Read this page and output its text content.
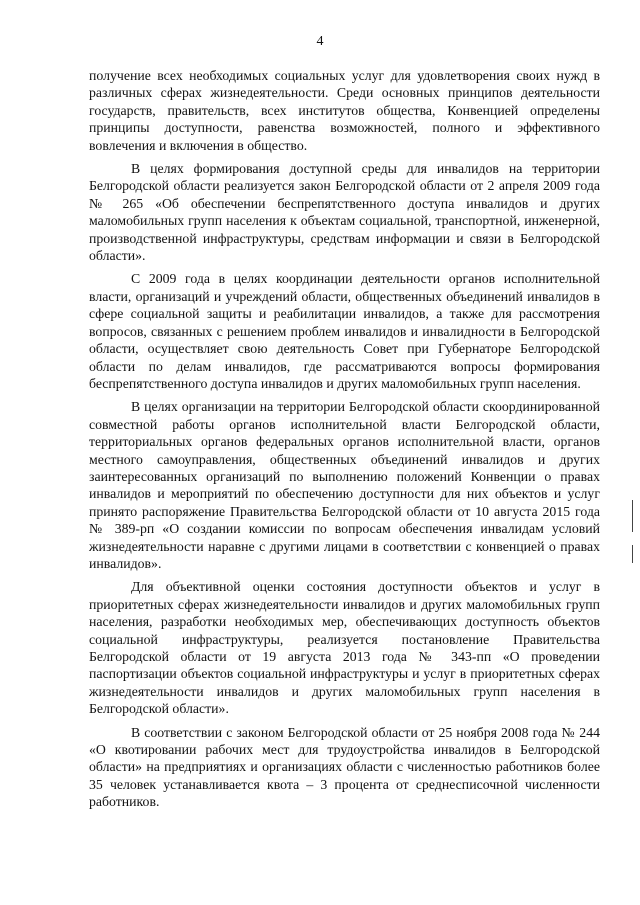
4

получение всех необходимых социальных услуг для удовлетворения своих нужд в различных сферах жизнедеятельности. Среди основных принципов деятельности государств, правительств, всех институтов общества, Конвенцией определены принципы доступности, равенства возможностей, полного и эффективного вовлечения и включения в общество.

В целях формирования доступной среды для инвалидов на территории Белгородской области реализуется закон Белгородской области от 2 апреля 2009 года № 265 «Об обеспечении беспрепятственного доступа инвалидов и других маломобильных групп населения к объектам социальной, транспортной, инженерной, производственной инфраструктуры, средствам информации и связи в Белгородской области».

С 2009 года в целях координации деятельности органов исполнительной власти, организаций и учреждений области, общественных объединений инвалидов в сфере социальной защиты и реабилитации инвалидов, а также для рассмотрения вопросов, связанных с решением проблем инвалидов и инвалидности в Белгородской области, осуществляет свою деятельность Совет при Губернаторе Белгородской области по делам инвалидов, где рассматриваются вопросы формирования беспрепятственного доступа инвалидов и других маломобильных групп населения.

В целях организации на территории Белгородской области скоординированной совместной работы органов исполнительной власти Белгородской области, территориальных органов федеральных органов исполнительной власти, органов местного самоуправления, общественных объединений инвалидов и других заинтересованных организаций по выполнению положений Конвенции о правах инвалидов и мероприятий по обеспечению доступности для них объектов и услуг принято распоряжение Правительства Белгородской области от 10 августа 2015 года № 389-рп «О создании комиссии по вопросам обеспечения инвалидам условий жизнедеятельности наравне с другими лицами в соответствии с конвенцией о правах инвалидов».

Для объективной оценки состояния доступности объектов и услуг в приоритетных сферах жизнедеятельности инвалидов и других маломобильных групп населения, разработки необходимых мер, обеспечивающих доступность объектов социальной инфраструктуры, реализуется постановление Правительства Белгородской области от 19 августа 2013 года № 343-пп «О проведении паспортизации объектов социальной инфраструктуры и услуг в приоритетных сферах жизнедеятельности инвалидов и других маломобильных групп населения в Белгородской области».

В соответствии с законом Белгородской области от 25 ноября 2008 года № 244 «О квотировании рабочих мест для трудоустройства инвалидов в Белгородской области» на предприятиях и организациях области с численностью работников более 35 человек устанавливается квота – 3 процента от среднесписочной численности работников.
